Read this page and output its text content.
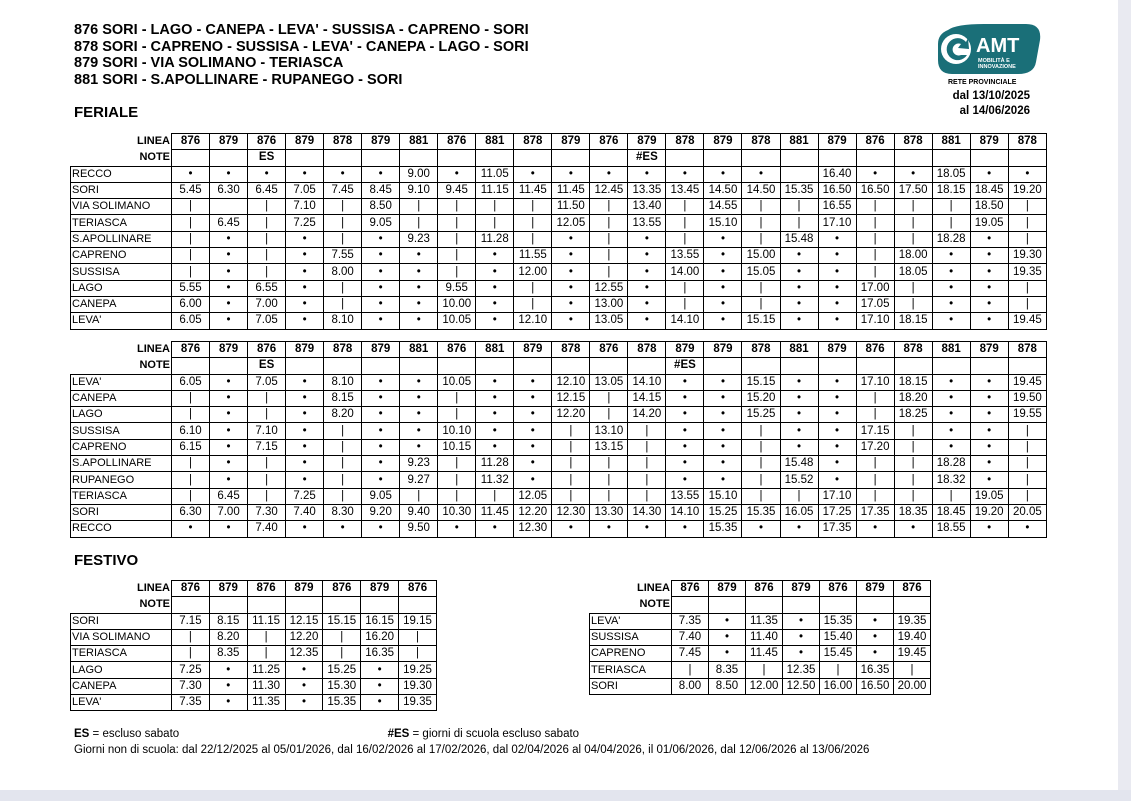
876 SORI - LAGO - CANEPA - LEVA' - SUSSISA - CAPRENO - SORI
878 SORI - CAPRENO - SUSSISA - LEVA' - CANEPA - LAGO - SORI
879 SORI - VIA SOLIMANO - TERIASCA
881 SORI - S.APOLLINARE - RUPANEGO - SORI
FERIALE
AMT
MOBILITÀ E
INNOVAZIONE
RETE PROVINCIALE
dal 13/10/2025
al 14/06/2026
LINEA	876	879	876	879	878	879	881	876	881	878	879	876	879	878	879	878	881	879	876	878	881	879	878
NOTE			ES										#ES										
RECCO	•	•	•	•	•	•	9.00	•	11.05	•	•	•	•	•	•	•		16.40	•	•	18.05	•	•
SORI	5.45	6.30	6.45	7.05	7.45	8.45	9.10	9.45	11.15	11.45	11.45	12.45	13.35	13.45	14.50	14.50	15.35	16.50	16.50	17.50	18.15	18.45	19.20
VIA SOLIMANO	|		|	7.10	|	8.50	|	|	|	|	11.50	|	13.40	|	14.55	|	|	16.55	|	|	|	18.50	|
TERIASCA	|	6.45	|	7.25	|	9.05	|	|	|	|	12.05	|	13.55	|	15.10	|	|	17.10	|	|	|	19.05	|
S.APOLLINARE	|	•	|	•	|	•	9.23	|	11.28	|	•	|	•	|	•	|	15.48	•	|	|	18.28	•	|
CAPRENO	|	•	|	•	7.55	•	•	|	•	11.55	•	|	•	13.55	•	15.00	•	•	|	18.00	•	•	19.30
SUSSISA	|	•	|	•	8.00	•	•	|	•	12.00	•	|	•	14.00	•	15.05	•	•	|	18.05	•	•	19.35
LAGO	5.55	•	6.55	•	|	•	•	9.55	•	|	•	12.55	•	|	•	|	•	•	17.00	|	•	•	|
CANEPA	6.00	•	7.00	•	|	•	•	10.00	•	|	•	13.00	•	|	•	|	•	•	17.05	|	•	•	|
LEVA'	6.05	•	7.05	•	8.10	•	•	10.05	•	12.10	•	13.05	•	14.10	•	15.15	•	•	17.10	18.15	•	•	19.45
LINEA	876	879	876	879	878	879	881	876	881	879	878	876	878	879	879	878	881	879	876	878	881	879	878
NOTE			ES											#ES									
LEVA'	6.05	•	7.05	•	8.10	•	•	10.05	•	•	12.10	13.05	14.10	•	•	15.15	•	•	17.10	18.15	•	•	19.45
CANEPA	|	•	|	•	8.15	•	•	|	•	•	12.15	|	14.15	•	•	15.20	•	•	|	18.20	•	•	19.50
LAGO	|	•	|	•	8.20	•	•	|	•	•	12.20	|	14.20	•	•	15.25	•	•	|	18.25	•	•	19.55
SUSSISA	6.10	•	7.10	•	|	•	•	10.10	•	•	|	13.10	|	•	•	|	•	•	17.15	|	•	•	|
CAPRENO	6.15	•	7.15	•	|	•	•	10.15	•	•	|	13.15	|	•	•	|	•	•	17.20	|	•	•	|
S.APOLLINARE	|	•	|	•	|	•	9.23	|	11.28	•	|	|	|	•	•	|	15.48	•	|	|	18.28	•	|
RUPANEGO	|	•	|	•	|	•	9.27	|	11.32	•	|	|	|	•	•	|	15.52	•	|	|	18.32	•	|
TERIASCA	|	6.45	|	7.25	|	9.05	|	|	|	12.05	|	|	|	13.55	15.10	|	|	17.10	|	|	|	19.05	|
SORI	6.30	7.00	7.30	7.40	8.30	9.20	9.40	10.30	11.45	12.20	12.30	13.30	14.30	14.10	15.25	15.35	16.05	17.25	17.35	18.35	18.45	19.20	20.05
RECCO	•	•	7.40	•	•	•	9.50	•	•	12.30	•	•	•	•	15.35	•	•	17.35	•	•	18.55	•	•
FESTIVO
LINEA	876	879	876	879	876	879	876
NOTE							
SORI	7.15	8.15	11.15	12.15	15.15	16.15	19.15
VIA SOLIMANO	|	8.20	|	12.20	|	16.20	|
TERIASCA	|	8.35	|	12.35	|	16.35	|
LAGO	7.25	•	11.25	•	15.25	•	19.25
CANEPA	7.30	•	11.30	•	15.30	•	19.30
LEVA'	7.35	•	11.35	•	15.35	•	19.35
LINEA	876	879	876	879	876	879	876
NOTE							
LEVA'	7.35	•	11.35	•	15.35	•	19.35
SUSSISA	7.40	•	11.40	•	15.40	•	19.40
CAPRENO	7.45	•	11.45	•	15.45	•	19.45
TERIASCA	|	8.35	|	12.35	|	16.35	|
SORI	8.00	8.50	12.00	12.50	16.00	16.50	20.00
ES = escluso sabato	#ES = giorni di scuola escluso sabato
Giorni non di scuola: dal 22/12/2025 al 05/01/2026, dal 16/02/2026 al 17/02/2026, dal 02/04/2026 al 04/04/2026, il 01/06/2026, dal 12/06/2026 al 13/06/2026
